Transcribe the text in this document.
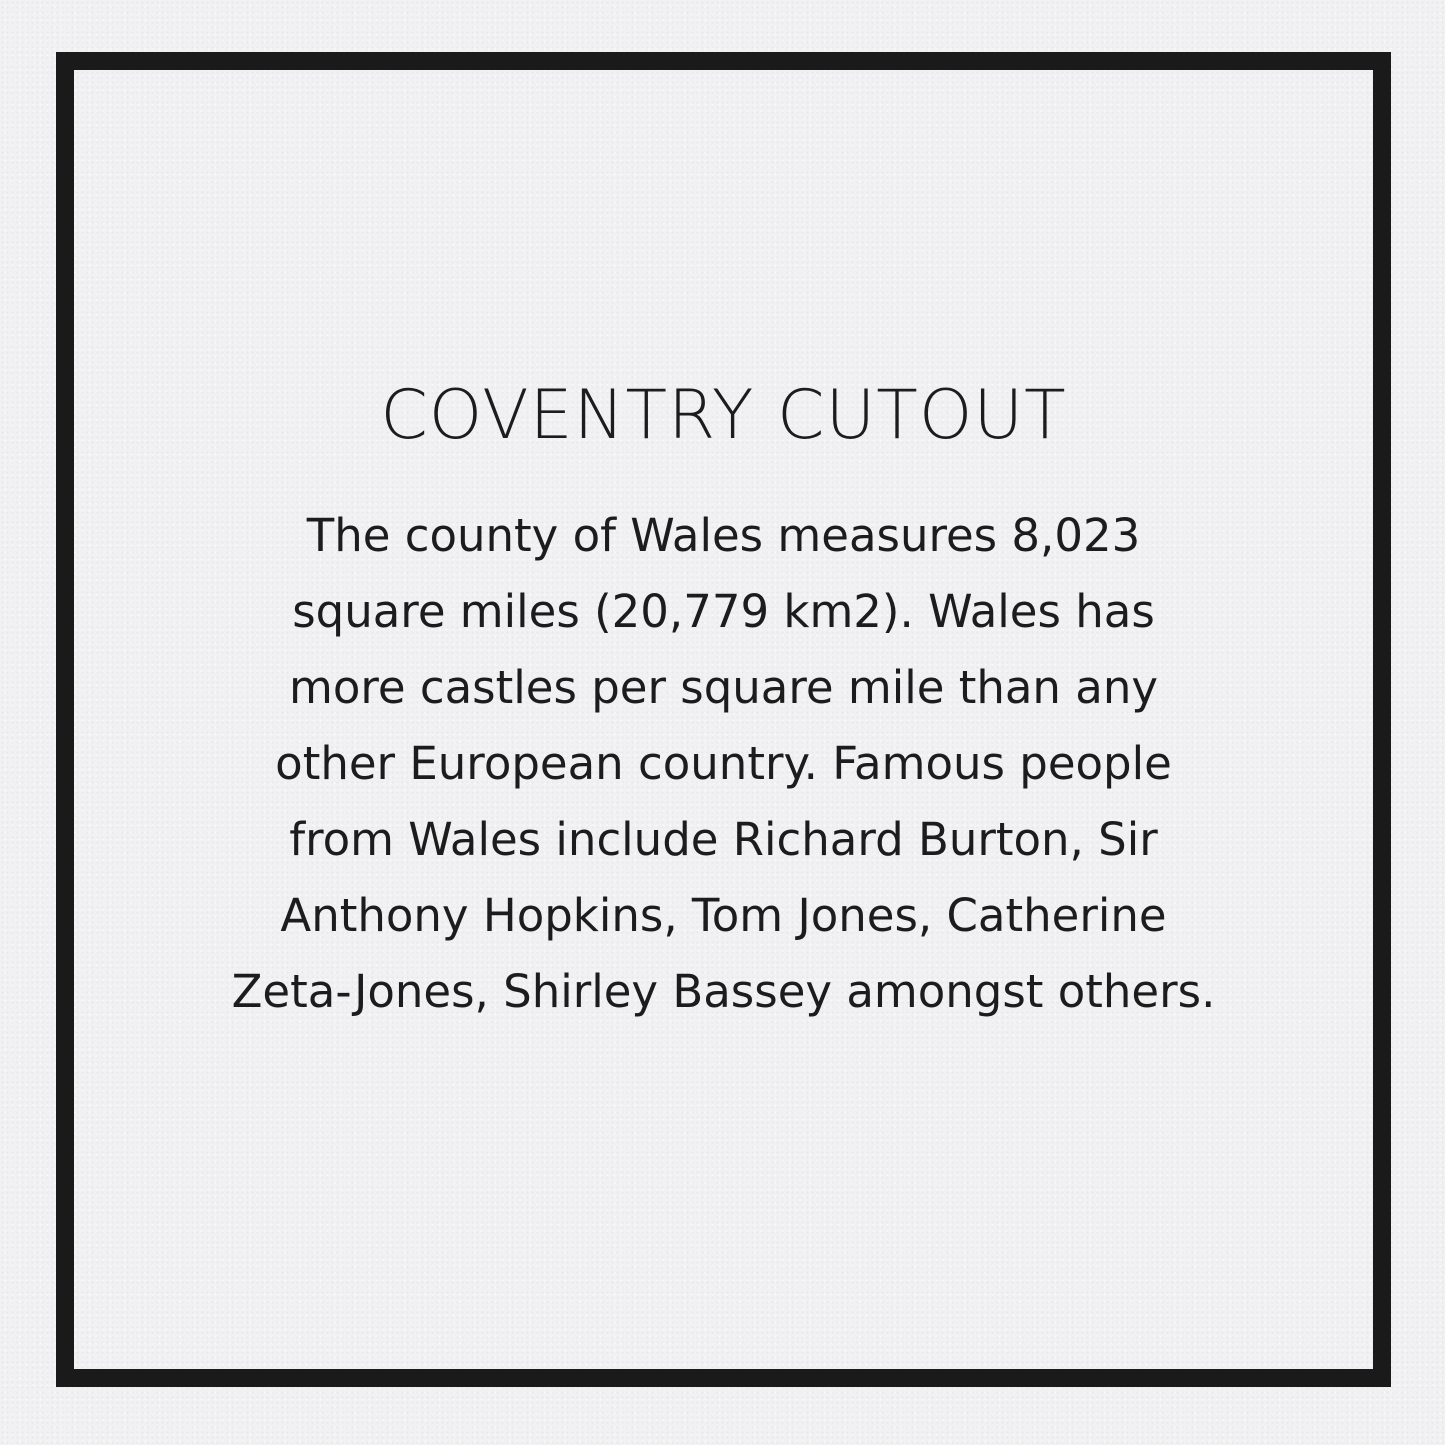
COVENTRY CUTOUT
The county of Wales measures 8,023
square miles (20,779 km2). Wales has
more castles per square mile than any
other European country. Famous people
from Wales include Richard Burton, Sir
Anthony Hopkins, Tom Jones, Catherine
Zeta-Jones, Shirley Bassey amongst others.
